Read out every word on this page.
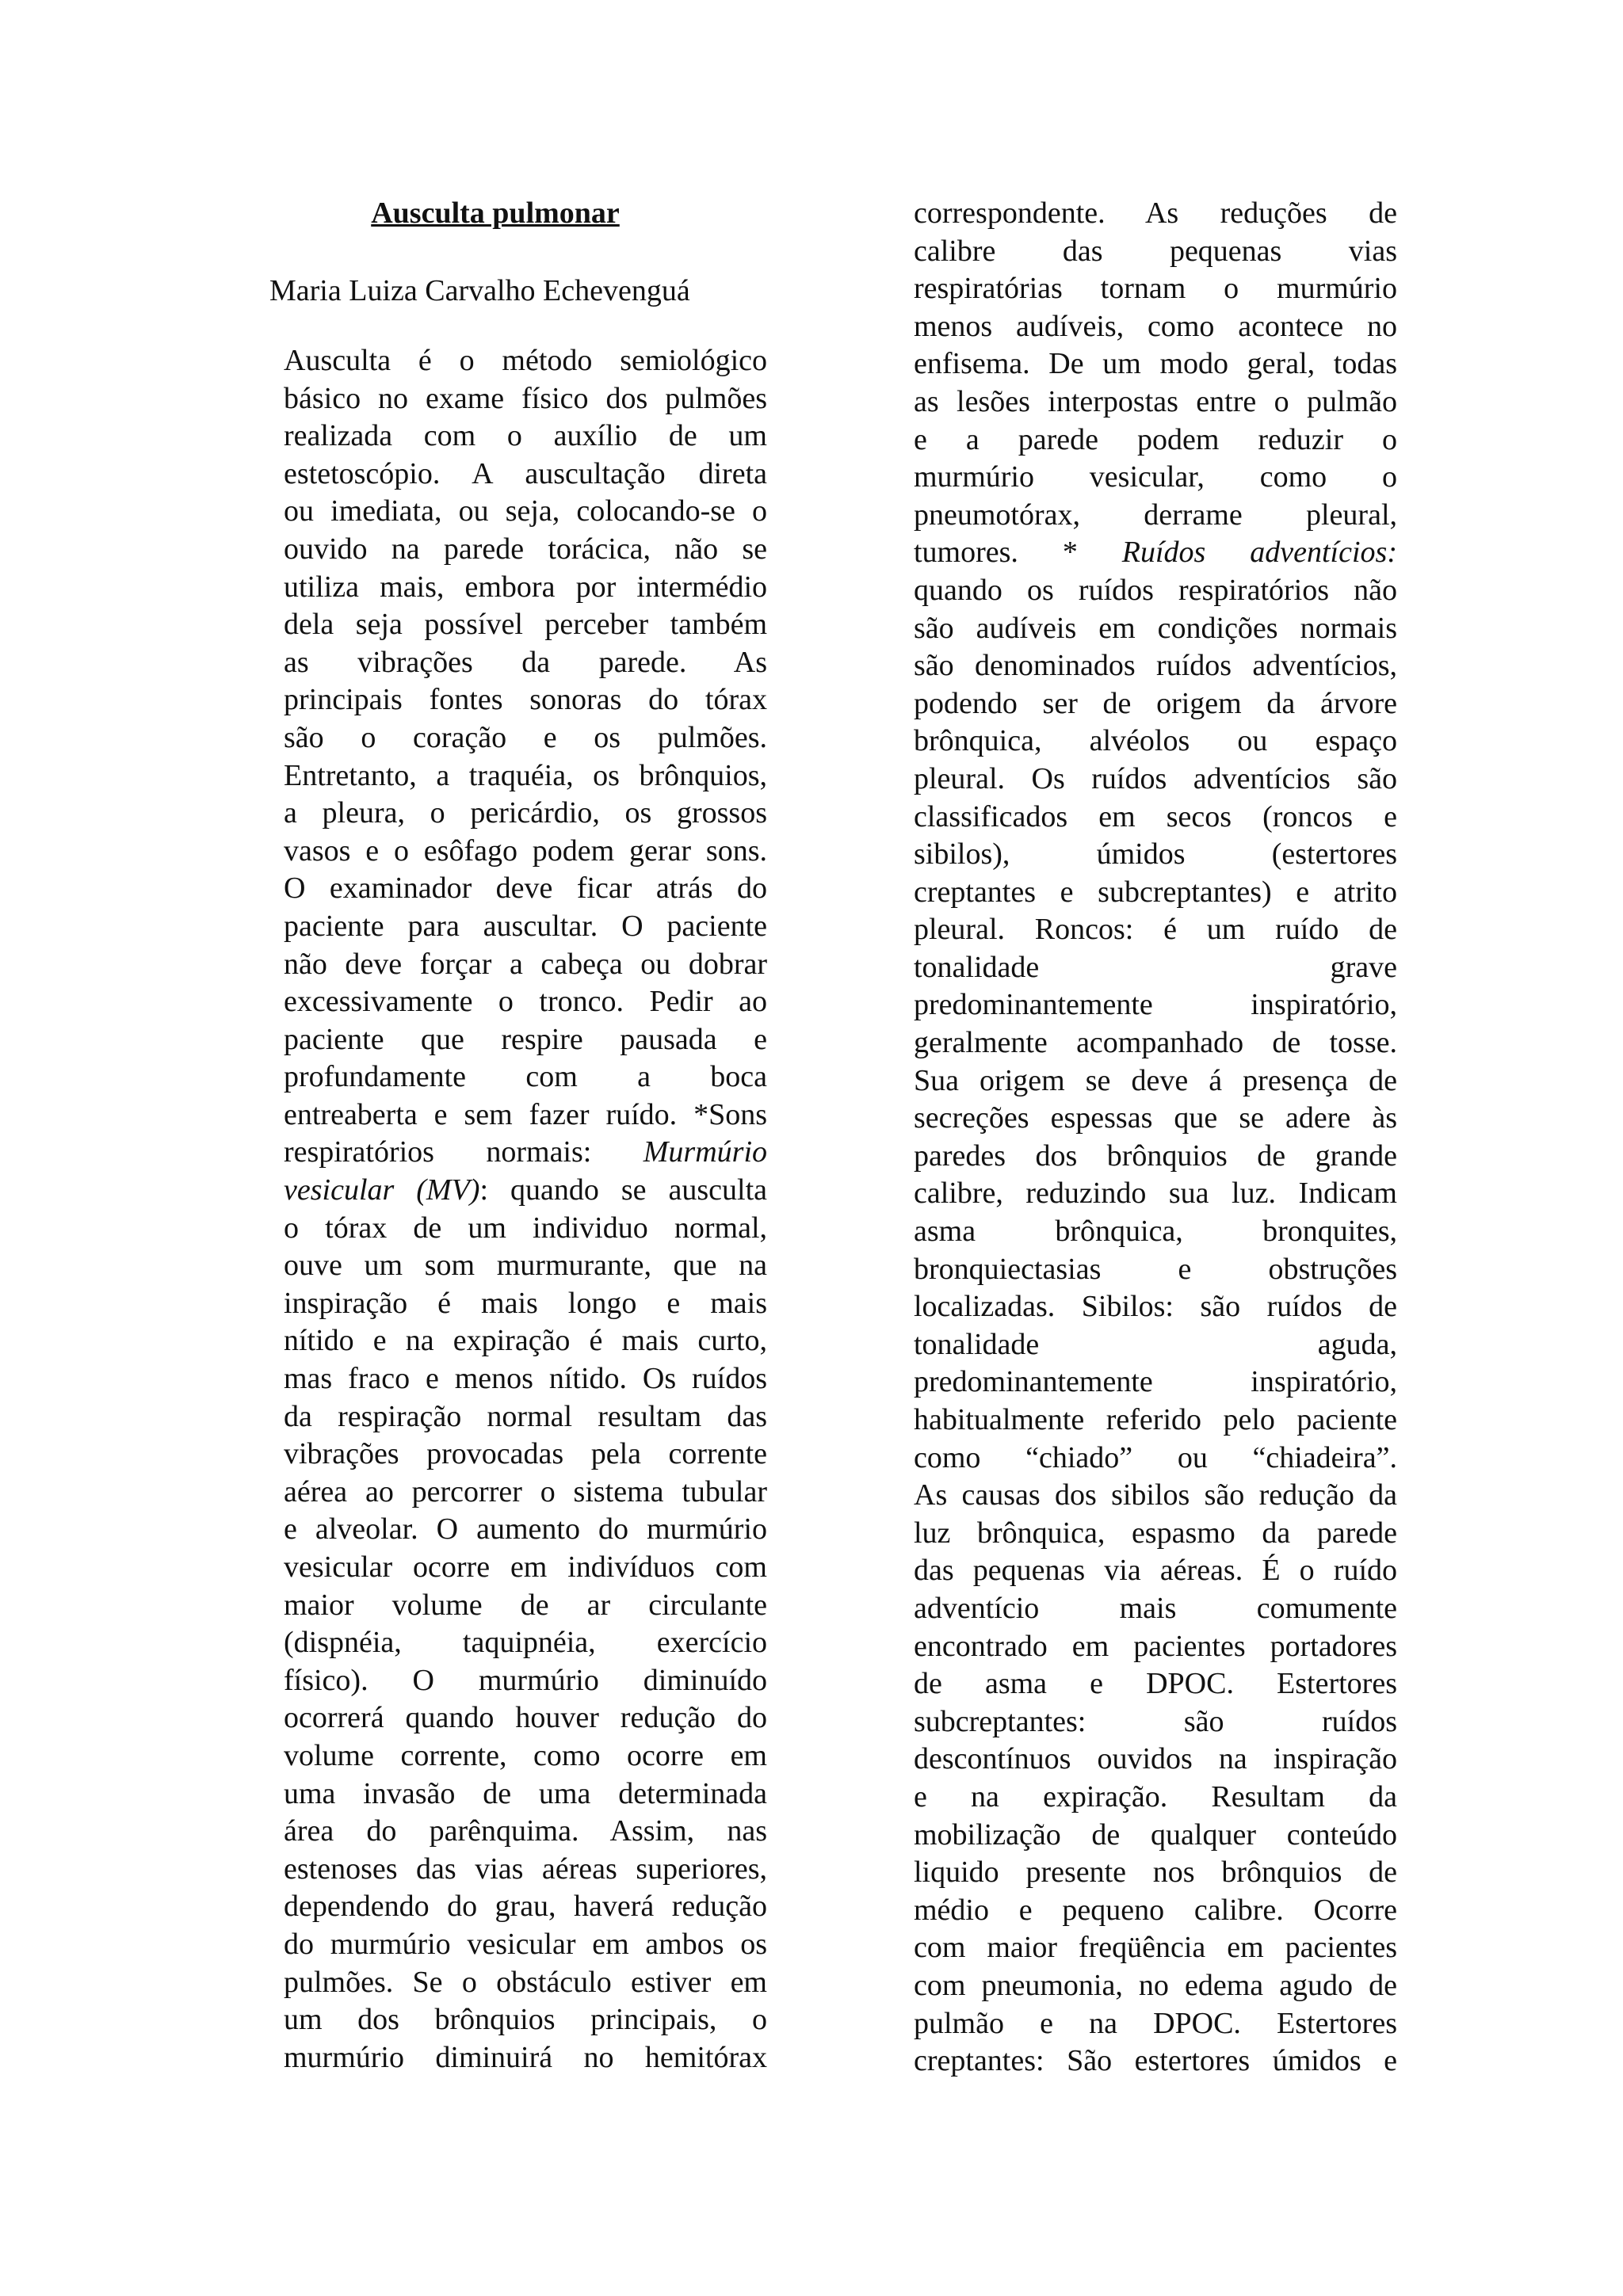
Ausculta pulmonar
Maria Luiza Carvalho Echevenguá
Ausculta é o método semiológico
básico no exame físico dos pulmões
realizada com o auxílio de um
estetoscópio. A auscultação direta
ou imediata, ou seja, colocando-se o
ouvido na parede torácica, não se
utiliza mais, embora por intermédio
dela seja possível perceber também
as vibrações da parede. As
principais fontes sonoras do tórax
são o coração e os pulmões.
Entretanto, a traquéia, os brônquios,
a pleura, o pericárdio, os grossos
vasos e o esôfago podem gerar sons.
O examinador deve ficar atrás do
paciente para auscultar. O paciente
não deve forçar a cabeça ou dobrar
excessivamente o tronco. Pedir ao
paciente que respire pausada e
profundamente com a boca
entreaberta e sem fazer ruído. *Sons
respiratórios normais: Murmúrio
vesicular (MV): quando se ausculta
o tórax de um individuo normal,
ouve um som murmurante, que na
inspiração é mais longo e mais
nítido e na expiração é mais curto,
mas fraco e menos nítido. Os ruídos
da respiração normal resultam das
vibrações provocadas pela corrente
aérea ao percorrer o sistema tubular
e alveolar. O aumento do murmúrio
vesicular ocorre em indivíduos com
maior volume de ar circulante
(dispnéia, taquipnéia, exercício
físico). O murmúrio diminuído
ocorrerá quando houver redução do
volume corrente, como ocorre em
uma invasão de uma determinada
área do parênquima. Assim, nas
estenoses das vias aéreas superiores,
dependendo do grau, haverá redução
do murmúrio vesicular em ambos os
pulmões. Se o obstáculo estiver em
um dos brônquios principais, o
murmúrio diminuirá no hemitórax
correspondente. As reduções de
calibre das pequenas vias
respiratórias tornam o murmúrio
menos audíveis, como acontece no
enfisema. De um modo geral, todas
as lesões interpostas entre o pulmão
e a parede podem reduzir o
murmúrio vesicular, como o
pneumotórax, derrame pleural,
tumores. * Ruídos adventícios:
quando os ruídos respiratórios não
são audíveis em condições normais
são denominados ruídos adventícios,
podendo ser de origem da árvore
brônquica, alvéolos ou espaço
pleural. Os ruídos adventícios são
classificados em secos (roncos e
sibilos), úmidos (estertores
creptantes e subcreptantes) e atrito
pleural. Roncos: é um ruído de
tonalidade grave
predominantemente inspiratório,
geralmente acompanhado de tosse.
Sua origem se deve á presença de
secreções espessas que se adere às
paredes dos brônquios de grande
calibre, reduzindo sua luz. Indicam
asma brônquica, bronquites,
bronquiectasias e obstruções
localizadas. Sibilos: são ruídos de
tonalidade aguda,
predominantemente inspiratório,
habitualmente referido pelo paciente
como “chiado” ou “chiadeira”.
As causas dos sibilos são redução da
luz brônquica, espasmo da parede
das pequenas via aéreas. É o ruído
adventício mais comumente
encontrado em pacientes portadores
de asma e DPOC. Estertores
subcreptantes: são ruídos
descontínuos ouvidos na inspiração
e na expiração. Resultam da
mobilização de qualquer conteúdo
liquido presente nos brônquios de
médio e pequeno calibre. Ocorre
com maior freqüência em pacientes
com pneumonia, no edema agudo de
pulmão e na DPOC. Estertores
creptantes: São estertores úmidos e
